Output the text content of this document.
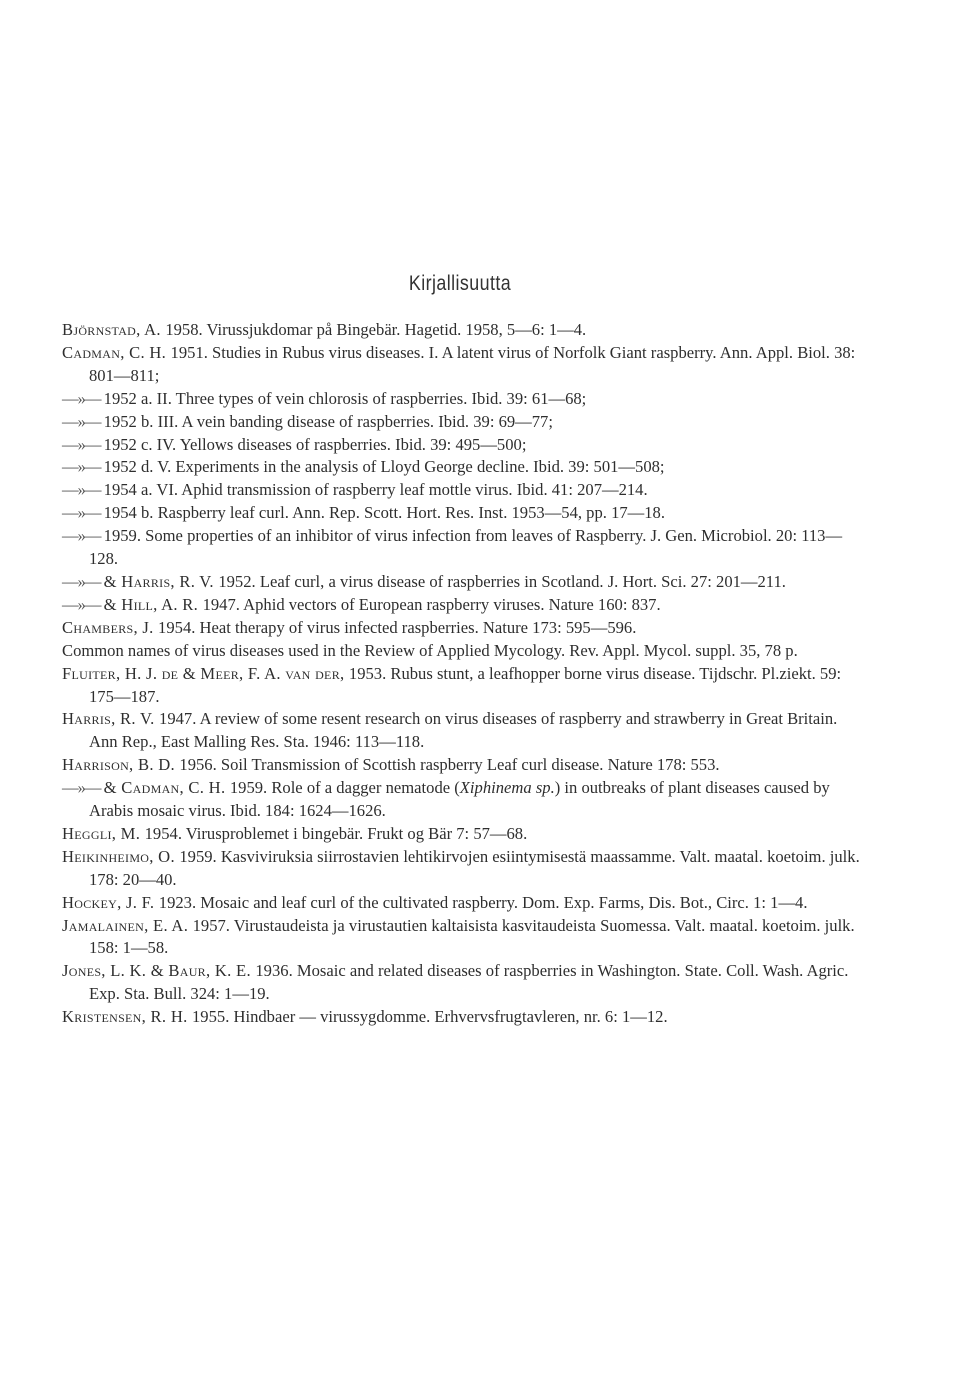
Kirjallisuutta
Björnstad, A. 1958. Virussjukdomar på Bingebär. Hagetid. 1958, 5—6: 1—4.
Cadman, C. H. 1951. Studies in Rubus virus diseases. I. A latent virus of Norfolk Giant raspberry. Ann. Appl. Biol. 38: 801—811;
—»— 1952 a. II. Three types of vein chlorosis of raspberries. Ibid. 39: 61—68;
—»— 1952 b. III. A vein banding disease of raspberries. Ibid. 39: 69—77;
—»— 1952 c. IV. Yellows diseases of raspberries. Ibid. 39: 495—500;
—»— 1952 d. V. Experiments in the analysis of Lloyd George decline. Ibid. 39: 501—508;
—»— 1954 a. VI. Aphid transmission of raspberry leaf mottle virus. Ibid. 41: 207—214.
—»— 1954 b. Raspberry leaf curl. Ann. Rep. Scott. Hort. Res. Inst. 1953—54, pp. 17—18.
—»— 1959. Some properties of an inhibitor of virus infection from leaves of Raspberry. J. Gen. Microbiol. 20: 113—128.
—»— & Harris, R. V. 1952. Leaf curl, a virus disease of raspberries in Scotland. J. Hort. Sci. 27: 201—211.
—»— & Hill, A. R. 1947. Aphid vectors of European raspberry viruses. Nature 160: 837.
Chambers, J. 1954. Heat therapy of virus infected raspberries. Nature 173: 595—596.
Common names of virus diseases used in the Review of Applied Mycology. Rev. Appl. Mycol. suppl. 35, 78 p.
Fluiter, H. J. de & Meer, F. A. van der, 1953. Rubus stunt, a leafhopper borne virus disease. Tijdschr. Pl.ziekt. 59: 175—187.
Harris, R. V. 1947. A review of some resent research on virus diseases of raspberry and strawberry in Great Britain. Ann Rep., East Malling Res. Sta. 1946: 113—118.
Harrison, B. D. 1956. Soil Transmission of Scottish raspberry Leaf curl disease. Nature 178: 553.
—»— & Cadman, C. H. 1959. Role of a dagger nematode (Xiphinema sp.) in outbreaks of plant diseases caused by Arabis mosaic virus. Ibid. 184: 1624—1626.
Heggli, M. 1954. Virusproblemet i bingebär. Frukt og Bär 7: 57—68.
Heikinheimo, O. 1959. Kasviviruksia siirrostavien lehtikirvojen esiintymisestä maassamme. Valt. maatal. koetoim. julk. 178: 20—40.
Hockey, J. F. 1923. Mosaic and leaf curl of the cultivated raspberry. Dom. Exp. Farms, Dis. Bot., Circ. 1: 1—4.
Jamalainen, E. A. 1957. Virustaudeista ja virustautien kaltaisista kasvitaudeista Suomessa. Valt. maatal. koetoim. julk. 158: 1—58.
Jones, L. K. & Baur, K. E. 1936. Mosaic and related diseases of raspberries in Washington. State. Coll. Wash. Agric. Exp. Sta. Bull. 324: 1—19.
Kristensen, R. H. 1955. Hindbaer — virussygdomme. Erhvervsfrugtavleren, nr. 6: 1—12.
